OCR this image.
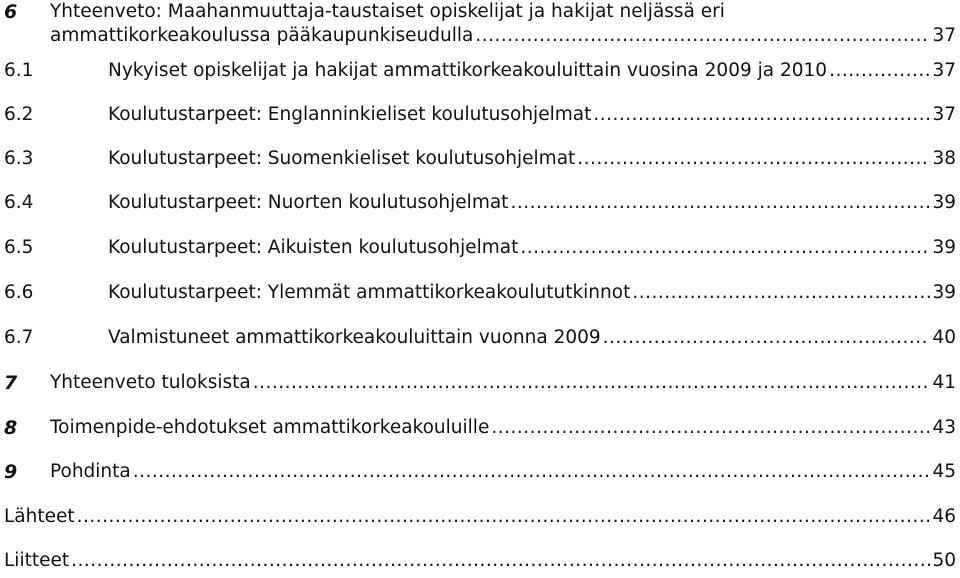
6 Yhteenveto: Maahanmuuttaja-taustaiset opiskelijat ja hakijat neljässä eri
ammattikorkeakoulussa pääkaupunkiseudulla .....	37
6.1	Nykyiset opiskelijat ja hakijat ammattikorkeakouluittain vuosina 2009 ja 2010 .....	37
6.2	Koulutustarpeet: Englanninkieliset koulutusohjelmat .....	37
6.3	Koulutustarpeet: Suomenkieliset koulutusohjelmat .....	38
6.4	Koulutustarpeet: Nuorten koulutusohjelmat .....	39
6.5	Koulutustarpeet: Aikuisten koulutusohjelmat .....	39
6.6	Koulutustarpeet: Ylemmät ammattikorkeakoulututkinnot .....	39
6.7	Valmistuneet ammattikorkeakouluittain vuonna 2009 .....	40
7 Yhteenveto tuloksista .....	41
8 Toimenpide-ehdotukset ammattikorkeakouluille .....	43
9 Pohdinta .....	45
Lähteet .....	46
Liitteet .....	50
